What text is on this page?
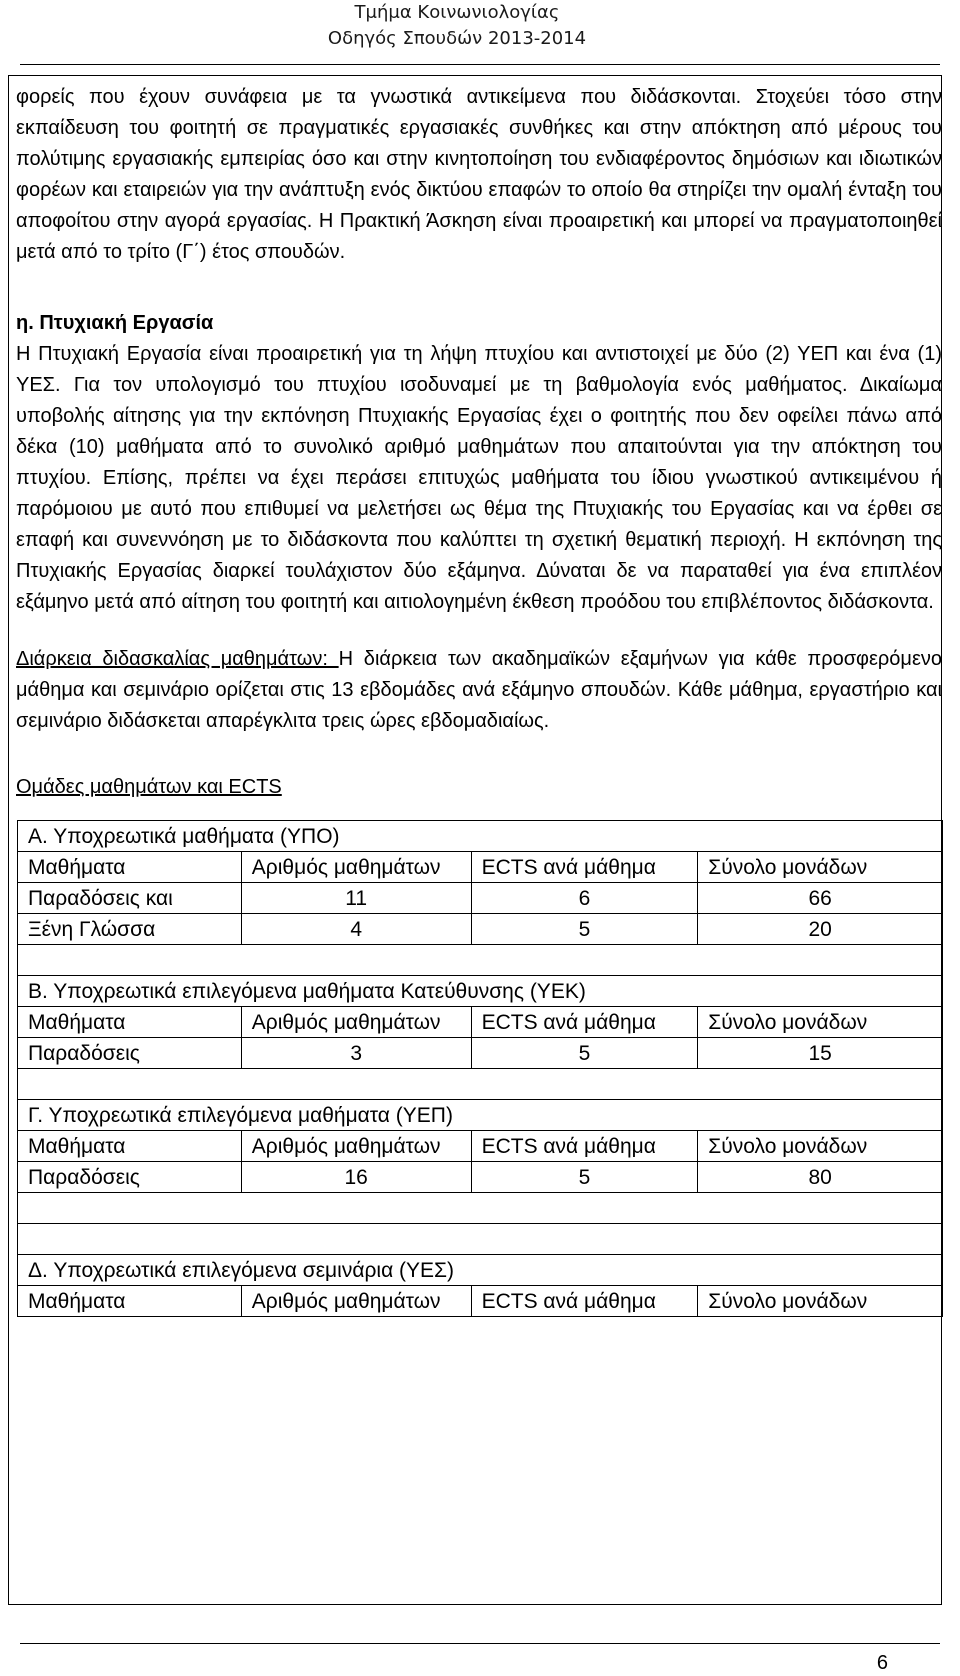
Τμήμα Κοινωνιολογίας
Οδηγός Σπουδών 2013-2014

φορείς που έχουν συνάφεια με τα γνωστικά αντικείμενα που διδάσκονται. Στοχεύει τόσο στην εκπαίδευση του φοιτητή σε πραγματικές εργασιακές συνθήκες και στην απόκτηση από μέρους του πολύτιμης εργασιακής εμπειρίας όσο και στην κινητοποίηση του ενδιαφέροντος δημόσιων και ιδιωτικών φορέων και εταιρειών για την ανάπτυξη ενός δικτύου επαφών το οποίο θα στηρίζει την ομαλή ένταξη του αποφοίτου στην αγορά εργασίας. Η Πρακτική Άσκηση είναι προαιρετική και μπορεί να πραγματοποιηθεί μετά από το τρίτο (Γ΄) έτος σπουδών.

η. Πτυχιακή Εργασία

Η Πτυχιακή Εργασία είναι προαιρετική για τη λήψη πτυχίου και αντιστοιχεί με δύο (2) ΥΕΠ και ένα (1) ΥΕΣ. Για τον υπολογισμό του πτυχίου ισοδυναμεί με τη βαθμολογία ενός μαθήματος. Δικαίωμα υποβολής αίτησης για την εκπόνηση Πτυχιακής Εργασίας έχει ο φοιτητής που δεν οφείλει πάνω από δέκα (10) μαθήματα από το συνολικό αριθμό μαθημάτων που απαιτούνται για την απόκτηση του πτυχίου. Επίσης, πρέπει να έχει περάσει επιτυχώς μαθήματα του ίδιου γνωστικού αντικειμένου ή παρόμοιου με αυτό που επιθυμεί να μελετήσει ως θέμα της Πτυχιακής του Εργασίας και να έρθει σε επαφή και συνεννόηση με το διδάσκοντα που καλύπτει τη σχετική θεματική περιοχή. Η εκπόνηση της Πτυχιακής Εργασίας διαρκεί τουλάχιστον δύο εξάμηνα. Δύναται δε να παραταθεί για ένα επιπλέον εξάμηνο μετά από αίτηση του φοιτητή και αιτιολογημένη έκθεση προόδου του επιβλέποντος διδάσκοντα.

Διάρκεια διδασκαλίας μαθημάτων: Η διάρκεια των ακαδημαϊκών εξαμήνων για κάθε προσφερόμενο μάθημα και σεμινάριο ορίζεται στις 13 εβδομάδες ανά εξάμηνο σπουδών. Κάθε μάθημα, εργαστήριο και σεμινάριο διδάσκεται απαρέγκλιτα τρεις ώρες εβδομαδιαίως.

Ομάδες μαθημάτων και ECTS
Α. Υποχρεωτικά μαθήματα (ΥΠΟ)			
Μαθήματα	Αριθμός μαθημάτων	ECTS ανά μάθημα	Σύνολο μονάδων
Παραδόσεις και	11	6	66
Ξένη Γλώσσα	4	5	20

Β. Υποχρεωτικά επιλεγόμενα μαθήματα Κατεύθυνσης (ΥΕΚ)			
Μαθήματα	Αριθμός μαθημάτων	ECTS ανά μάθημα	Σύνολο μονάδων
Παραδόσεις	3	5	15

Γ. Υποχρεωτικά επιλεγόμενα μαθήματα (ΥΕΠ)			
Μαθήματα	Αριθμός μαθημάτων	ECTS ανά μάθημα	Σύνολο μονάδων
Παραδόσεις	16	5	80

Δ. Υποχρεωτικά επιλεγόμενα σεμινάρια (ΥΕΣ)			
Μαθήματα	Αριθμός μαθημάτων	ECTS ανά μάθημα	Σύνολο μονάδων
6
